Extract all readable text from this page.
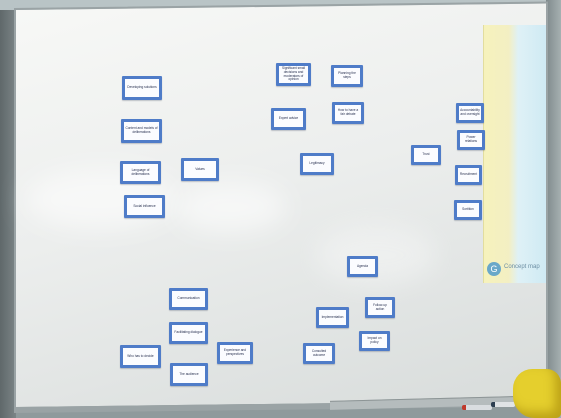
G	Concept map
Developing solutions
Content and models of deliberations
Language of deliberations
Social influence
Values
Significant small decisions and moderators of opinion
Planning the steps
Expert advice
How to have a fair debate
Legitimacy
Trust
Accountability and oversight
Power relations
Recruitment
Sortition
Agenda
Communication
Facilitating dialogue
Who has to decide
Experience and perspectives
The audience
Implementation
Follow-up action
Consulted outcome
Impact on policy
